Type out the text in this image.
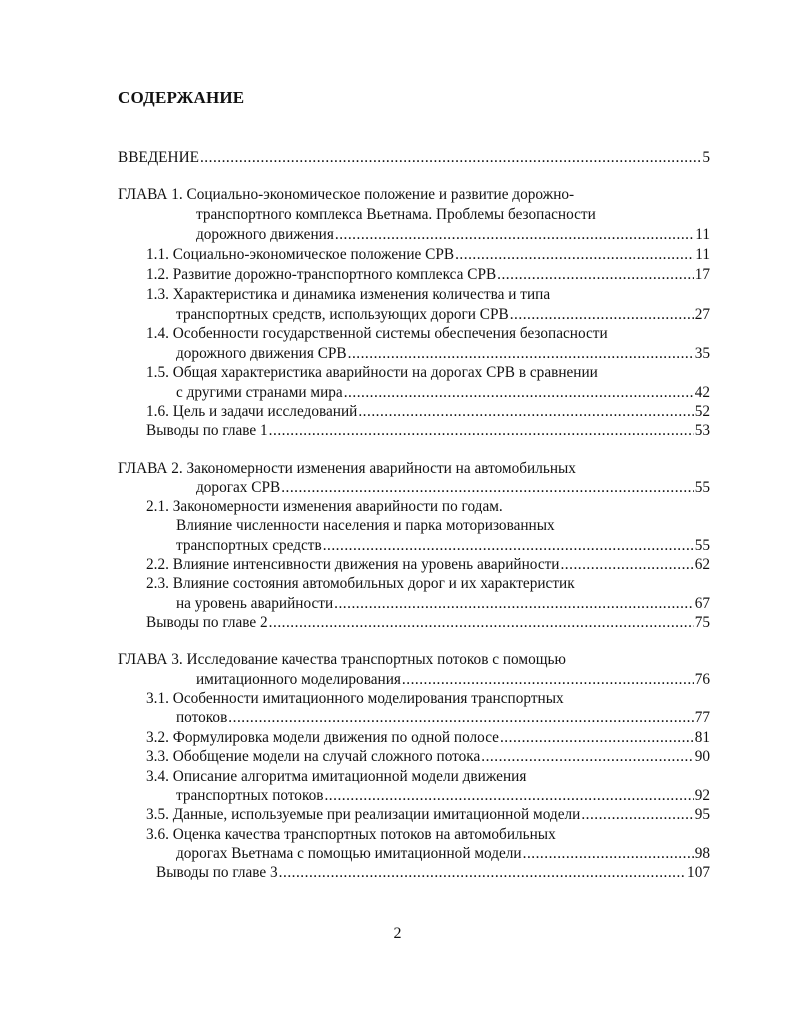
СОДЕРЖАНИЕ
ВВЕДЕНИЕ .....	5
ГЛАВА 1. Социально-экономическое положение и развитие дорожно-
транспортного комплекса Вьетнама. Проблемы безопасности
дорожного движения .....	11
1.1. Социально-экономическое положение СРВ .....	11
1.2. Развитие дорожно-транспортного комплекса СРВ .....	17
1.3. Характеристика и динамика изменения количества и типа
транспортных средств, использующих дороги СРВ .....	27
1.4. Особенности государственной системы обеспечения безопасности
дорожного движения СРВ .....	35
1.5. Общая характеристика аварийности на дорогах СРВ в сравнении
с другими странами мира .....	42
1.6. Цель и задачи исследований .....	52
Выводы по главе 1 .....	53
ГЛАВА 2. Закономерности изменения аварийности на автомобильных
дорогах СРВ .....	55
2.1. Закономерности изменения аварийности по годам.
Влияние численности населения и парка моторизованных
транспортных средств .....	55
2.2. Влияние интенсивности движения на уровень аварийности .....	62
2.3. Влияние состояния автомобильных дорог и их характеристик
на уровень аварийности .....	67
Выводы по главе 2 .....	75
ГЛАВА 3. Исследование качества транспортных потоков с помощью
имитационного моделирования .....	76
3.1. Особенности имитационного моделирования транспортных
потоков .....	77
3.2. Формулировка модели движения по одной полосе .....	81
3.3. Обобщение модели на случай сложного потока .....	90
3.4. Описание алгоритма имитационной модели движения
транспортных потоков .....	92
3.5. Данные, используемые при реализации имитационной модели .....	95
3.6. Оценка качества транспортных потоков на автомобильных
дорогах Вьетнама с помощью имитационной модели .....	98
Выводы по главе 3 .....	107
2
